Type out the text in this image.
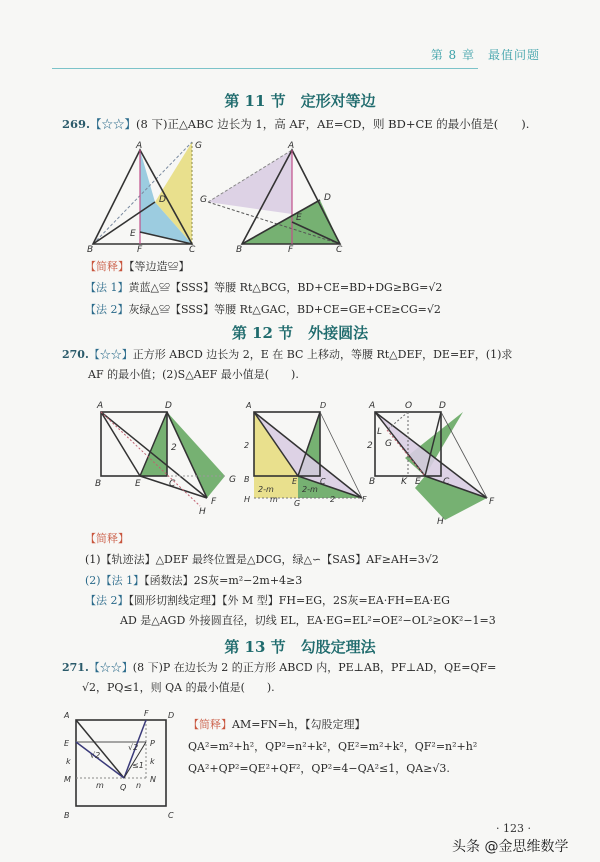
第 8 章　最值问题
第 11 节　定形对等边
269.【☆☆】(8 下)正△ABC 边长为 1，高 AF，AE=CD，则 BD+CE 的最小值是(　　).
A	G
D
E
B	F	C
A
G	D
E
B	F	C
【简释】【等边造≌】
【法 1】黄蓝△≌【SSS】等腰 Rt△BCG，BD+CE=BD+DG≥BG=√2
【法 2】灰绿△≌【SSS】等腰 Rt△GAC，BD+CE=GE+CE≥CG=√2
第 12 节　外接圆法
270.【☆☆】正方形 ABCD 边长为 2，E 在 BC 上移动，等腰 Rt△DEF，DE=EF，(1)求
AF 的最小值；(2)S△AEF 最小值是(　　).
A	D
2
B	E	C	G
F
H
A	D
2
B	E	C
2-m	2-m
H m G	2	F
A	O	D
L
G
2
B	K E C
F
H
【简释】
(1)【轨迹法】△DEF 最终位置是△DCG，绿△∽【SAS】AF≥AH=3√2
(2)【法 1】【函数法】2S灰=m²−2m+4≥3
【法 2】【圆形切割线定理】【外 M 型】FH=EG，2S灰=EA·FH=EA·EG
AD 是△AGD 外接圆直径，切线 EL，EA·EG=EL²=OE²−OL²≥OK²−1=3
第 13 节　勾股定理法
271.【☆☆】(8 下)P 在边长为 2 的正方形 ABCD 内，PE⊥AB，PF⊥AD，QE=QF=
√2，PQ≤1，则 QA 的最小值是(　　).
A	F D
E	P
k	k
√2
√2
≤1
M
m Q n
N
B	C
【简释】AM=FN=h，【勾股定理】
QA²=m²+h²，QP²=n²+k²，QE²=m²+k²，QF²=n²+h²
QA²+QP²=QE²+QF²，QP²=4−QA²≤1，QA≥√3.
· 123 ·
头条 @金思维数学
